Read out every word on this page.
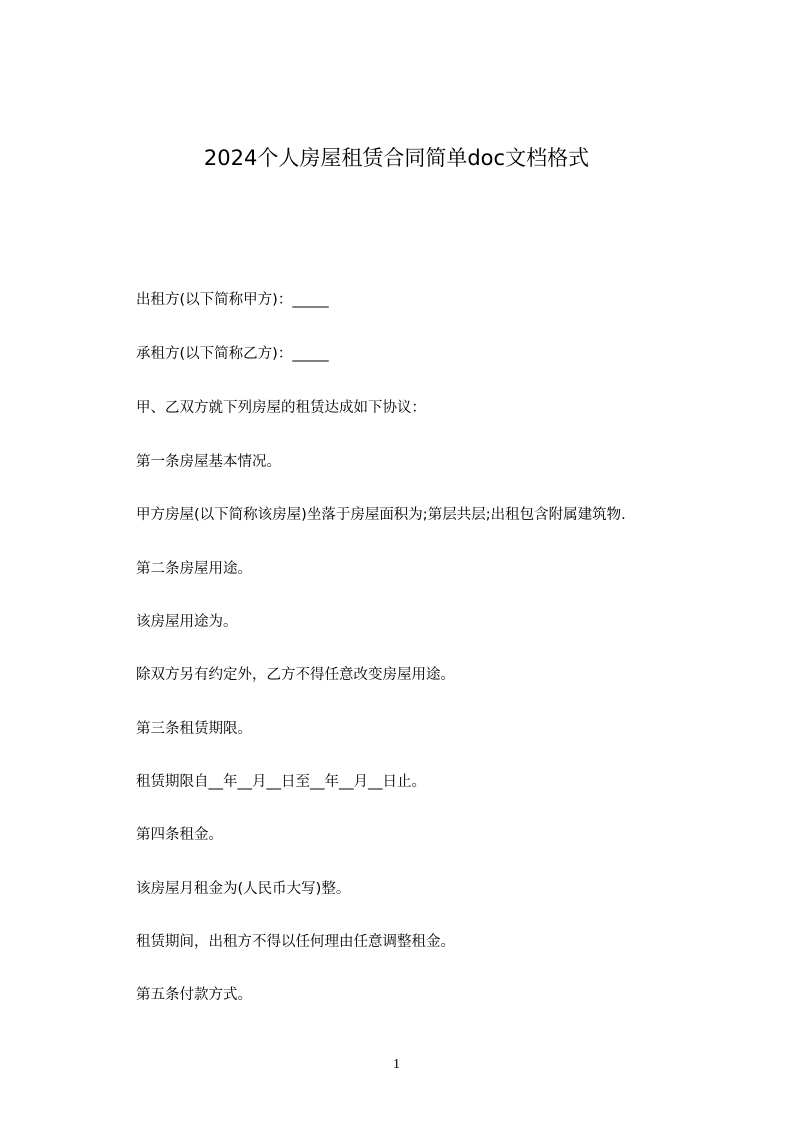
2024个人房屋租赁合同简单doc文档格式
出租方(以下简称甲方)：_____
承租方(以下简称乙方)：_____
甲、乙双方就下列房屋的租赁达成如下协议：
第一条房屋基本情况。
甲方房屋(以下简称该房屋)坐落于房屋面积为;第层共层;出租包含附属建筑物.
第二条房屋用途。
该房屋用途为。
除双方另有约定外，乙方不得任意改变房屋用途。
第三条租赁期限。
租赁期限自__年__月__日至__年__月__日止。
第四条租金。
该房屋月租金为(人民币大写)整。
租赁期间，出租方不得以任何理由任意调整租金。
第五条付款方式。
1
